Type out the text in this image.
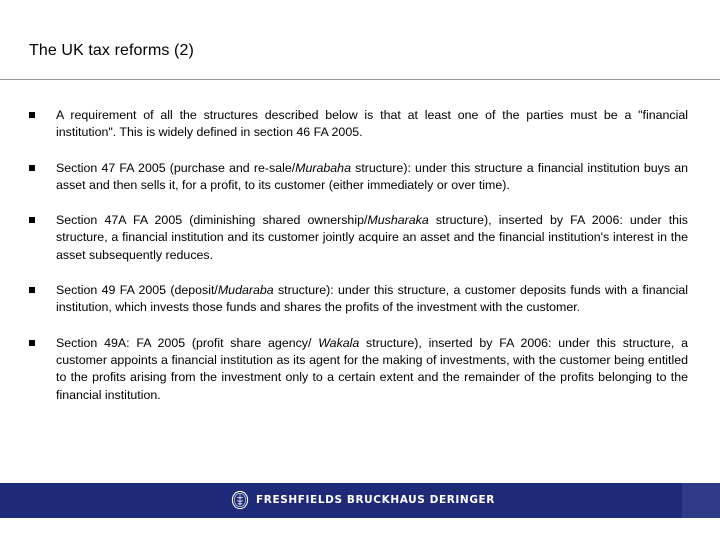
The UK tax reforms (2)
A requirement of all the structures described below is that at least one of the parties must be a "financial institution". This is widely defined in section 46 FA 2005.
Section 47 FA 2005 (purchase and re-sale/Murabaha structure): under this structure a financial institution buys an asset and then sells it, for a profit, to its customer (either immediately or over time).
Section 47A FA 2005 (diminishing shared ownership/Musharaka structure), inserted by FA 2006: under this structure, a financial institution and its customer jointly acquire an asset and the financial institution's interest in the asset subsequently reduces.
Section 49 FA 2005 (deposit/Mudaraba structure): under this structure, a customer deposits funds with a financial institution, which invests those funds and shares the profits of the investment with the customer.
Section 49A: FA 2005 (profit share agency/ Wakala structure), inserted by FA 2006: under this structure, a customer appoints a financial institution as its agent for the making of investments, with the customer being entitled to the profits arising from the investment only to a certain extent and the remainder of the profits belonging to the financial institution.
FRESHFIELDS BRUCKHAUS DERINGER
